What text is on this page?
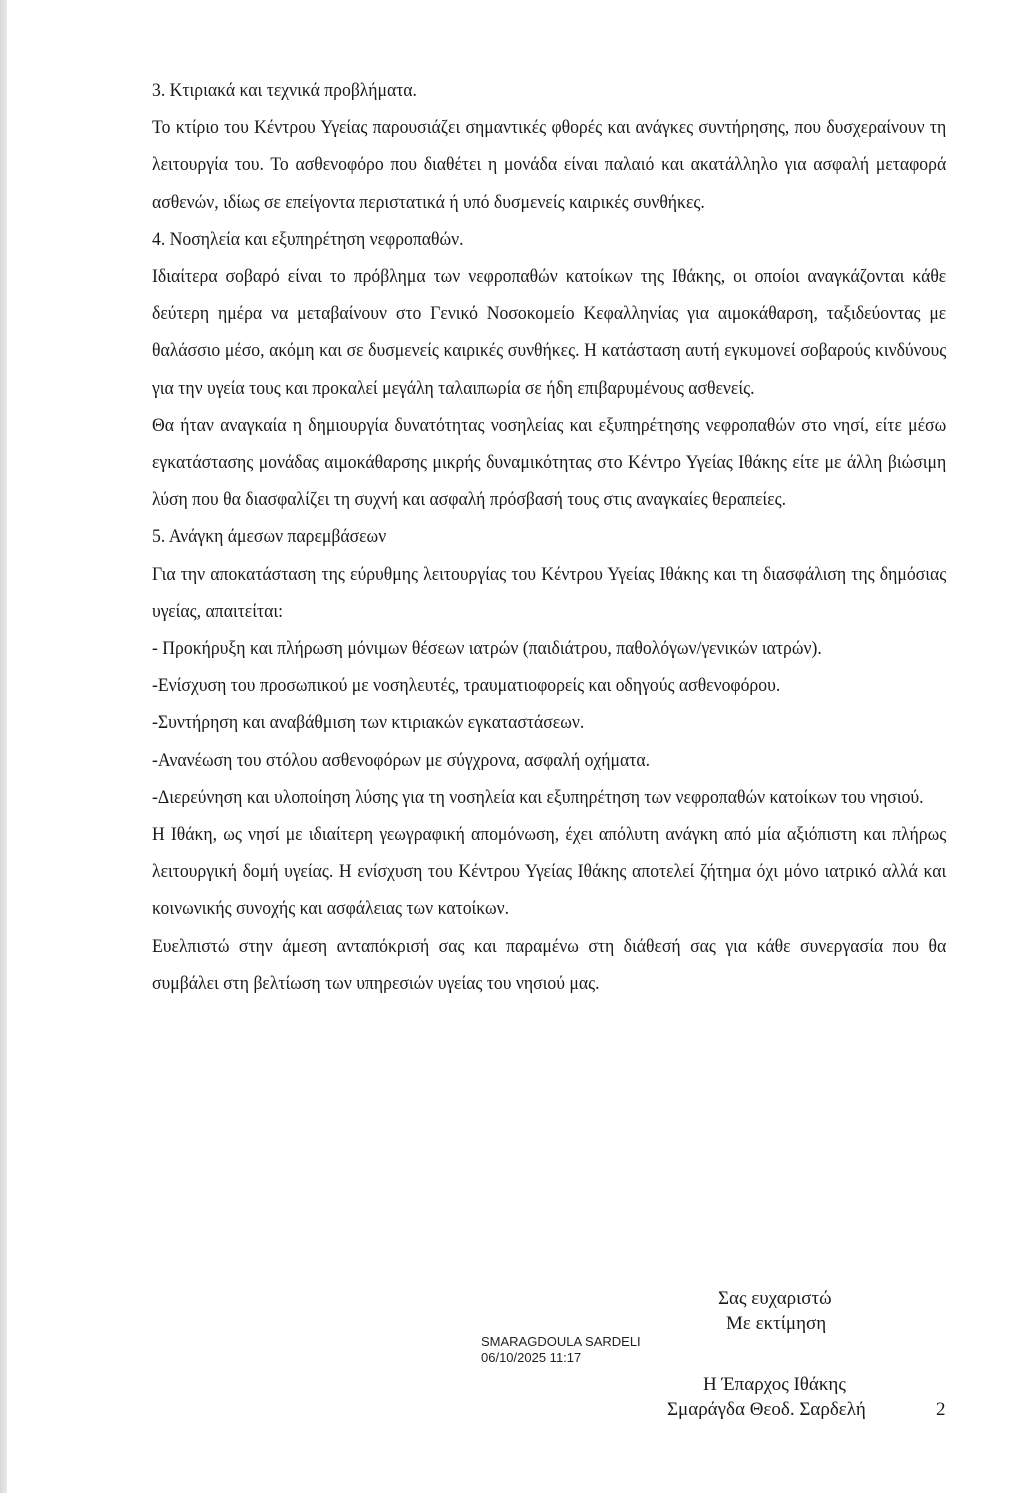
3. Κτιριακά και τεχνικά προβλήματα.

Το κτίριο του Κέντρου Υγείας παρουσιάζει σημαντικές φθορές και ανάγκες συντήρησης, που δυσχεραίνουν τη λειτουργία του. Το ασθενοφόρο που διαθέτει η μονάδα είναι παλαιό και ακατάλληλο για ασφαλή μεταφορά ασθενών, ιδίως σε επείγοντα περιστατικά ή υπό δυσμενείς καιρικές συνθήκες.

4. Νοσηλεία και εξυπηρέτηση νεφροπαθών.

Ιδιαίτερα σοβαρό είναι το πρόβλημα των νεφροπαθών κατοίκων της Ιθάκης, οι οποίοι αναγκάζονται κάθε δεύτερη ημέρα να μεταβαίνουν στο Γενικό Νοσοκομείο Κεφαλληνίας για αιμοκάθαρση, ταξιδεύοντας με θαλάσσιο μέσο, ακόμη και σε δυσμενείς καιρικές συνθήκες. Η κατάσταση αυτή εγκυμονεί σοβαρούς κινδύνους για την υγεία τους και προκαλεί μεγάλη ταλαιπωρία σε ήδη επιβαρυμένους ασθενείς.

Θα ήταν αναγκαία η δημιουργία δυνατότητας νοσηλείας και εξυπηρέτησης νεφροπαθών στο νησί, είτε μέσω εγκατάστασης μονάδας αιμοκάθαρσης μικρής δυναμικότητας στο Κέντρο Υγείας Ιθάκης είτε με άλλη βιώσιμη λύση που θα διασφαλίζει τη συχνή και ασφαλή πρόσβασή τους στις αναγκαίες θεραπείες.

5. Ανάγκη άμεσων παρεμβάσεων

Για την αποκατάσταση της εύρυθμης λειτουργίας του Κέντρου Υγείας Ιθάκης και τη διασφάλιση της δημόσιας υγείας, απαιτείται:

- Προκήρυξη και πλήρωση μόνιμων θέσεων ιατρών (παιδιάτρου, παθολόγων/γενικών ιατρών).

-Ενίσχυση του προσωπικού με νοσηλευτές, τραυματιοφορείς και οδηγούς ασθενοφόρου.

-Συντήρηση και αναβάθμιση των κτιριακών εγκαταστάσεων.

-Ανανέωση του στόλου ασθενοφόρων με σύγχρονα, ασφαλή οχήματα.

-Διερεύνηση και υλοποίηση λύσης για τη νοσηλεία και εξυπηρέτηση των νεφροπαθών κατοίκων του νησιού.

Η Ιθάκη, ως νησί με ιδιαίτερη γεωγραφική απομόνωση, έχει απόλυτη ανάγκη από μία αξιόπιστη και πλήρως λειτουργική δομή υγείας. Η ενίσχυση του Κέντρου Υγείας Ιθάκης αποτελεί ζήτημα όχι μόνο ιατρικό αλλά και κοινωνικής συνοχής και ασφάλειας των κατοίκων.

Ευελπιστώ στην άμεση ανταπόκρισή σας και παραμένω στη διάθεσή σας για κάθε συνεργασία που θα συμβάλει στη βελτίωση των υπηρεσιών υγείας του νησιού μας.

Σας ευχαριστώ
Με εκτίμηση
SMARAGDOULA SARDELI
06/10/2025 11:17
Η Έπαρχος Ιθάκης
Σμαράγδα Θεοδ. Σαρδελή	2
